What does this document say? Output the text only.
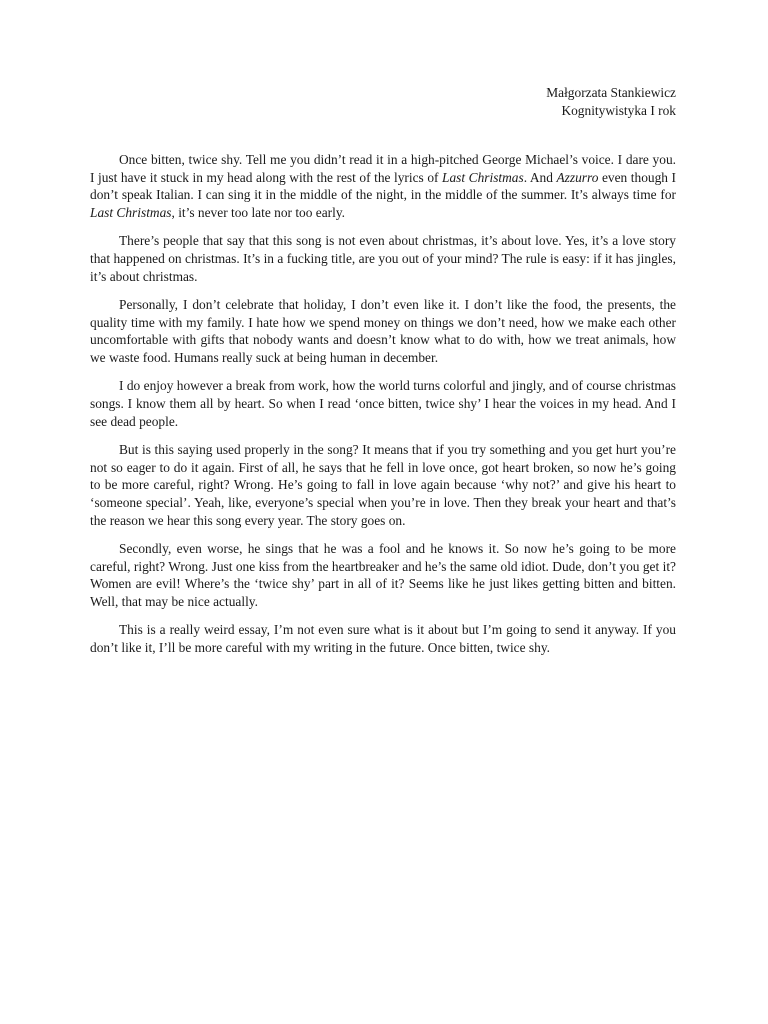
Małgorzata Stankiewicz
Kognitywistyka I rok

Once bitten, twice shy. Tell me you didn’t read it in a high-pitched George Michael’s voice. I dare you. I just have it stuck in my head along with the rest of the lyrics of Last Christmas. And Azzurro even though I don’t speak Italian. I can sing it in the middle of the night, in the middle of the summer. It’s always time for Last Christmas, it’s never too late nor too early.

There’s people that say that this song is not even about christmas, it’s about love. Yes, it’s a love story that happened on christmas. It’s in a fucking title, are you out of your mind? The rule is easy: if it has jingles, it’s about christmas.

Personally, I don’t celebrate that holiday, I don’t even like it. I don’t like the food, the presents, the quality time with my family. I hate how we spend money on things we don’t need, how we make each other uncomfortable with gifts that nobody wants and doesn’t know what to do with, how we treat animals, how we waste food. Humans really suck at being human in december.

I do enjoy however a break from work, how the world turns colorful and jingly, and of course christmas songs. I know them all by heart. So when I read ‘once bitten, twice shy’ I hear the voices in my head. And I see dead people.

But is this saying used properly in the song? It means that if you try something and you get hurt you’re not so eager to do it again. First of all, he says that he fell in love once, got heart broken, so now he’s going to be more careful, right? Wrong. He’s going to fall in love again because ‘why not?’ and give his heart to ‘someone special’. Yeah, like, everyone’s special when you’re in love. Then they break your heart and that’s the reason we hear this song every year. The story goes on.

Secondly, even worse, he sings that he was a fool and he knows it. So now he’s going to be more careful, right? Wrong. Just one kiss from the heartbreaker and he’s the same old idiot. Dude, don’t you get it? Women are evil! Where’s the ‘twice shy’ part in all of it? Seems like he just likes getting bitten and bitten. Well, that may be nice actually.

This is a really weird essay, I’m not even sure what is it about but I’m going to send it anyway. If you don’t like it, I’ll be more careful with my writing in the future. Once bitten, twice shy.
